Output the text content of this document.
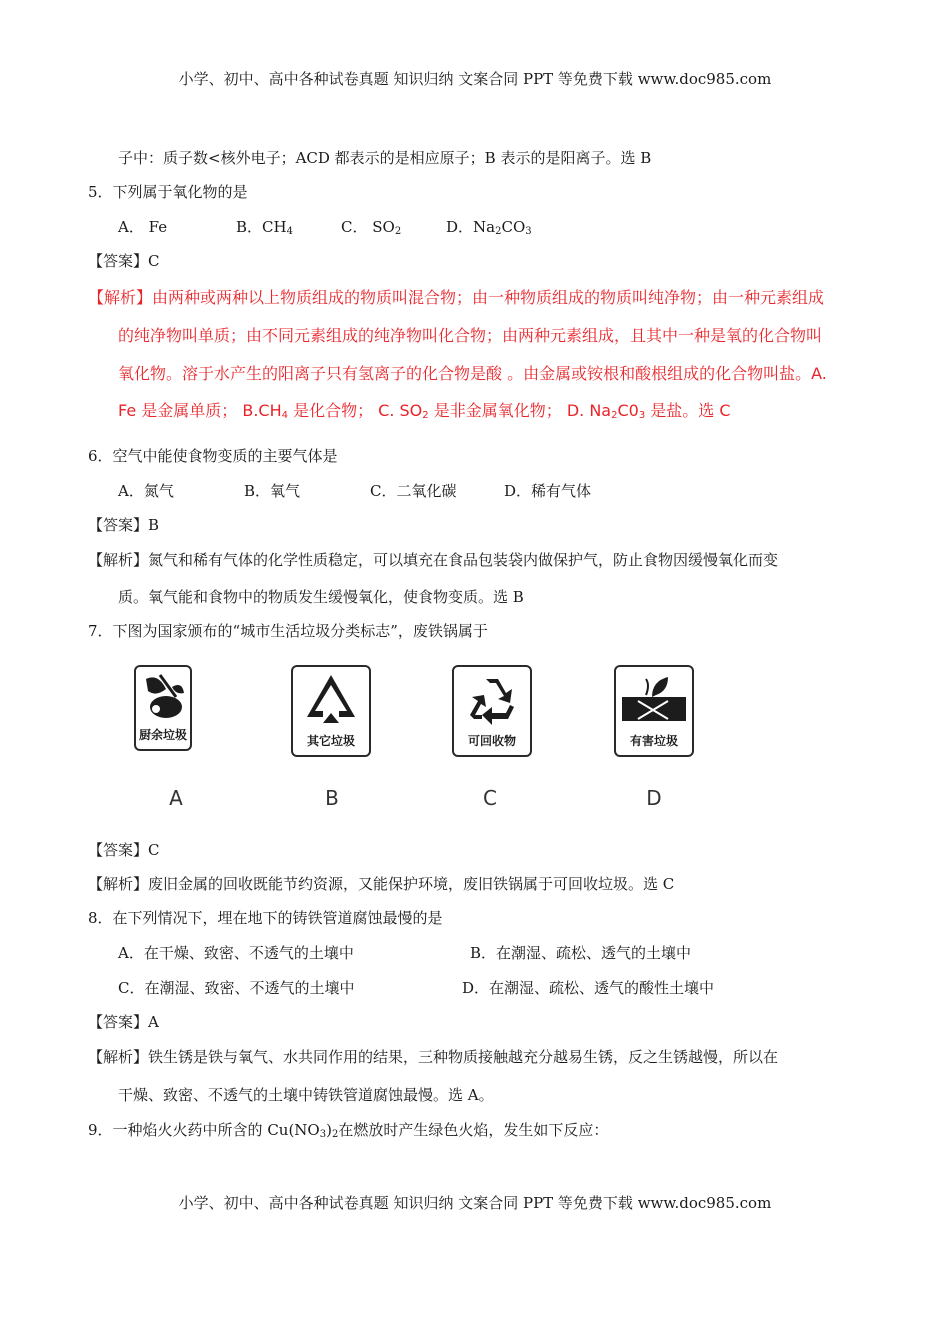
小学、初中、高中各种试卷真题 知识归纳 文案合同 PPT 等免费下载 www.doc985.com
子中：质子数<核外电子；ACD 都表示的是相应原子；B 表示的是阳离子。选 B
5．下列属于氧化物的是
A． Fe	B．$CH_4$	C． $SO_2$	D．$Na_2CO_3$
【答案】C
【解析】由两种或两种以上物质组成的物质叫混合物；由一种物质组成的物质叫纯净物；由一种元素组成
的纯净物叫单质；由不同元素组成的纯净物叫化合物；由两种元素组成，且其中一种是氧的化合物叫
氧化物。溶于水产生的阳离子只有氢离子的化合物是酸 。由金属或铵根和酸根组成的化合物叫盐。A.
Fe 是金属单质； $B.CH_4$ 是化合物； C. $SO_2$ 是非金属氧化物； D. $Na_2C0_3$ 是盐。选 C
6．空气中能使食物变质的主要气体是
A．氮气	B．氧气	C．二氧化碳	D．稀有气体
【答案】B
【解析】氮气和稀有气体的化学性质稳定，可以填充在食品包装袋内做保护气，防止食物因缓慢氧化而变
质。氧气能和食物中的物质发生缓慢氧化，使食物变质。选 B
7．下图为国家颁布的“城市生活垃圾分类标志”，废铁锅属于
厨余垃圾	其它垃圾	可回收物	有害垃圾
A	B	C	D
【答案】C
【解析】废旧金属的回收既能节约资源，又能保护环境，废旧铁锅属于可回收垃圾。选 C
8．在下列情况下，埋在地下的铸铁管道腐蚀最慢的是
A．在干燥、致密、不透气的土壤中	B．在潮湿、疏松、透气的土壤中
C．在潮湿、致密、不透气的土壤中	D．在潮湿、疏松、透气的酸性土壤中
【答案】A
【解析】铁生锈是铁与氧气、水共同作用的结果，三种物质接触越充分越易生锈，反之生锈越慢，所以在
干燥、致密、不透气的土壤中铸铁管道腐蚀最慢。选 A。
9．一种焰火火药中所含的 $Cu(NO_3)_2$在燃放时产生绿色火焰，发生如下反应：
小学、初中、高中各种试卷真题 知识归纳 文案合同 PPT 等免费下载 www.doc985.com
